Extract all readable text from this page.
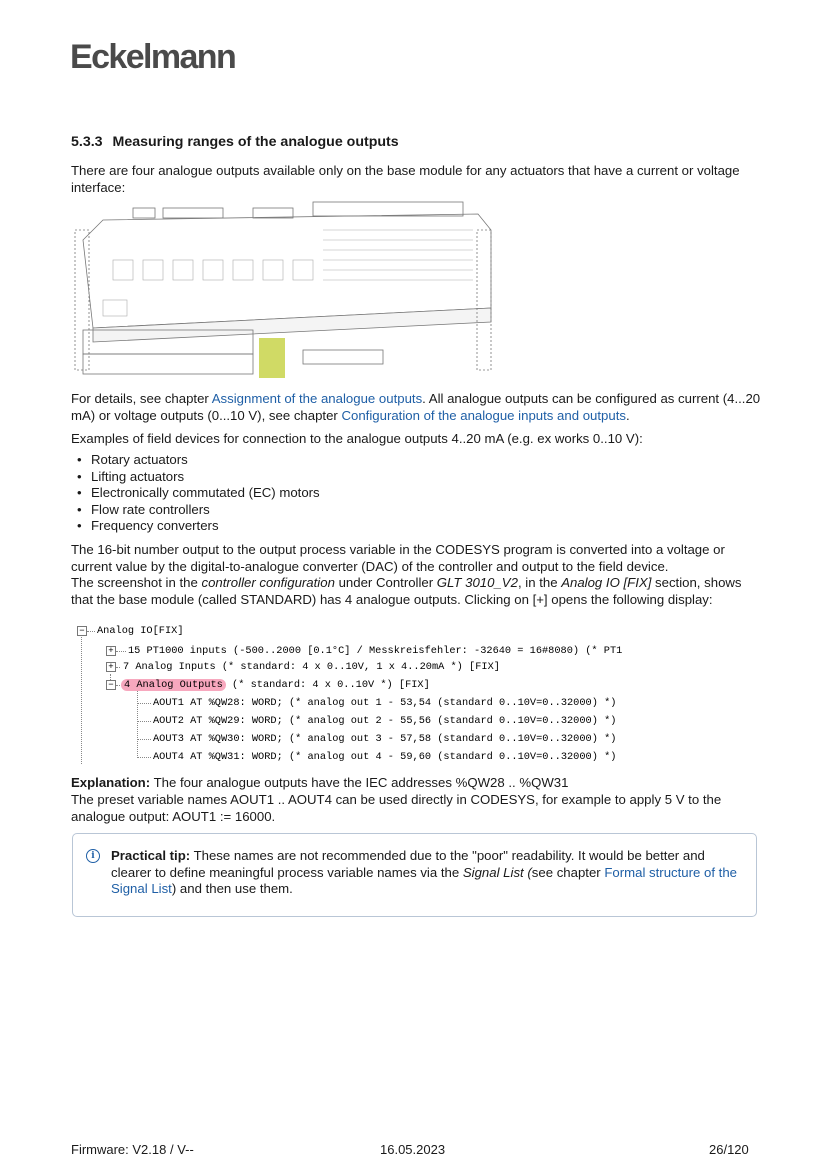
Eckelmann
5.3.3 Measuring ranges of the analogue outputs
There are four analogue outputs available only on the base module for any actuators that have a current or voltage interface:
For details, see chapter Assignment of the analogue outputs. All analogue outputs can be configured as current (4...20 mA) or voltage outputs (0...10 V), see chapter Configuration of the analogue inputs and outputs.
Examples of field devices for connection to the analogue outputs 4..20 mA (e.g. ex works 0..10 V):
• Rotary actuators
• Lifting actuators
• Electronically commutated (EC) motors
• Flow rate controllers
• Frequency converters
The 16-bit number output to the output process variable in the CODESYS program is converted into a voltage or current value by the digital-to-analogue converter (DAC) of the controller and output to the field device.
The screenshot in the controller configuration under Controller GLT 3010_V2, in the Analog IO [FIX] section, shows that the base module (called STANDARD) has 4 analogue outputs. Clicking on [+] opens the following display:
− Analog IO[FIX]
+ 15 PT1000 inputs (-500..2000 [0.1°C] / Messkreisfehler: -32640 = 16#8080) (* PT1
+ 7 Analog Inputs (* standard: 4 x 0..10V, 1 x 4..20mA *) [FIX]
− 4 Analog Outputs (* standard: 4 x 0..10V *) [FIX]
AOUT1 AT %QW28: WORD; (* analog out 1 - 53,54 (standard 0..10V=0..32000) *)
AOUT2 AT %QW29: WORD; (* analog out 2 - 55,56 (standard 0..10V=0..32000) *)
AOUT3 AT %QW30: WORD; (* analog out 3 - 57,58 (standard 0..10V=0..32000) *)
AOUT4 AT %QW31: WORD; (* analog out 4 - 59,60 (standard 0..10V=0..32000) *)
Explanation: The four analogue outputs have the IEC addresses %QW28 .. %QW31
The preset variable names AOUT1 .. AOUT4 can be used directly in CODESYS, for example to apply 5 V to the analogue output: AOUT1 := 16000.
i	Practical tip: These names are not recommended due to the "poor" readability. It would be better and clearer to define meaningful process variable names via the Signal List (see chapter Formal structure of the Signal List) and then use them.
Firmware: V2.18 / V--	16.05.2023	26/120
